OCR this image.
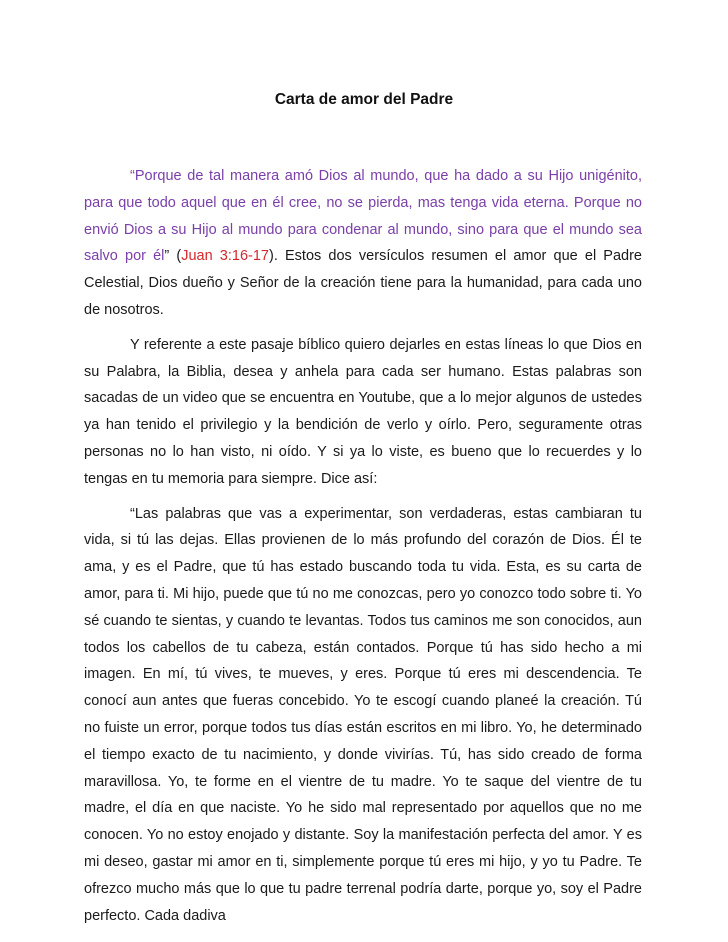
Carta de amor del Padre

“Porque de tal manera amó Dios al mundo, que ha dado a su Hijo unigénito, para que todo aquel que en él cree, no se pierda, mas tenga vida eterna. Porque no envió Dios a su Hijo al mundo para condenar al mundo, sino para que el mundo sea salvo por él” (Juan 3:16-17). Estos dos versículos resumen el amor que el Padre Celestial, Dios dueño y Señor de la creación tiene para la humanidad, para cada uno de nosotros.

Y referente a este pasaje bíblico quiero dejarles en estas líneas lo que Dios en su Palabra, la Biblia, desea y anhela para cada ser humano. Estas palabras son sacadas de un video que se encuentra en Youtube, que a lo mejor algunos de ustedes ya han tenido el privilegio y la bendición de verlo y oírlo. Pero, seguramente otras personas no lo han visto, ni oído. Y si ya lo viste, es bueno que lo recuerdes y lo tengas en tu memoria para siempre. Dice así:

“Las palabras que vas a experimentar, son verdaderas, estas cambiaran tu vida, si tú las dejas. Ellas provienen de lo más profundo del corazón de Dios. Él te ama, y es el Padre, que tú has estado buscando toda tu vida. Esta, es su carta de amor, para ti. Mi hijo, puede que tú no me conozcas, pero yo conozco todo sobre ti. Yo sé cuando te sientas, y cuando te levantas. Todos tus caminos me son conocidos, aun todos los cabellos de tu cabeza, están contados. Porque tú has sido hecho a mi imagen. En mí, tú vives, te mueves, y eres. Porque tú eres mi descendencia. Te conocí aun antes que fueras concebido. Yo te escogí cuando planeé la creación. Tú no fuiste un error, porque todos tus días están escritos en mi libro. Yo, he determinado el tiempo exacto de tu nacimiento, y donde vivirías. Tú, has sido creado de forma maravillosa. Yo, te forme en el vientre de tu madre. Yo te saque del vientre de tu madre, el día en que naciste. Yo he sido mal representado por aquellos que no me conocen. Yo no estoy enojado y distante. Soy la manifestación perfecta del amor. Y es mi deseo, gastar mi amor en ti, simplemente porque tú eres mi hijo, y yo tu Padre. Te ofrezco mucho más que lo que tu padre terrenal podría darte, porque yo, soy el Padre perfecto. Cada dadiva
